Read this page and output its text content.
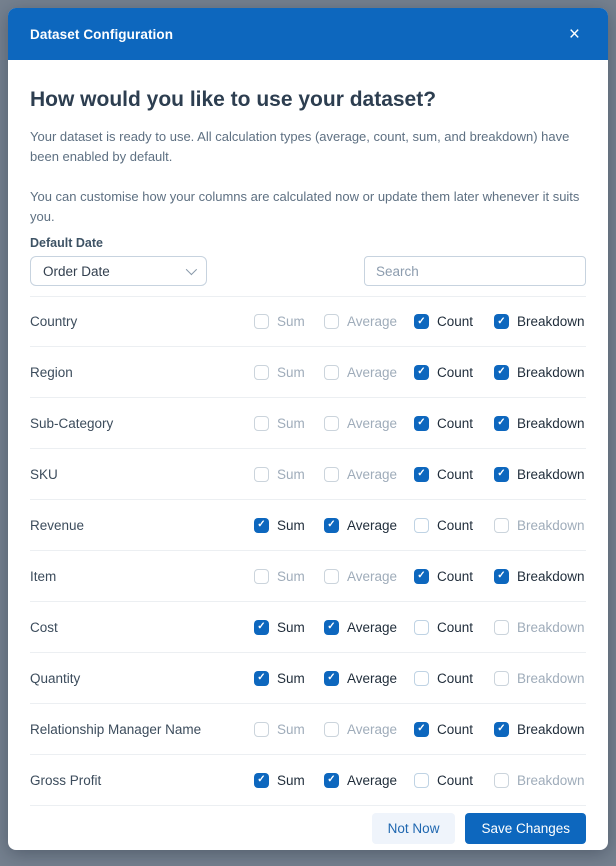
Dataset Configuration	×
How would you like to use your dataset?

Your dataset is ready to use. All calculation types (average, count, sum, and breakdown) have been enabled by default.

You can customise how your columns are calculated now or update them later whenever it suits you.

Default Date
Order Date
Search
Country	Sum	Average	✓ Count	✓ Breakdown
Region	Sum	Average	✓ Count	✓ Breakdown
Sub-Category	Sum	Average	✓ Count	✓ Breakdown
SKU	Sum	Average	✓ Count	✓ Breakdown
Revenue	✓ Sum	✓ Average	Count	Breakdown
Item	Sum	Average	✓ Count	✓ Breakdown
Cost	✓ Sum	✓ Average	Count	Breakdown
Quantity	✓ Sum	✓ Average	Count	Breakdown
Relationship Manager Name	Sum	Average	✓ Count	✓ Breakdown
Gross Profit	✓ Sum	✓ Average	Count	Breakdown
Not Now	Save Changes
